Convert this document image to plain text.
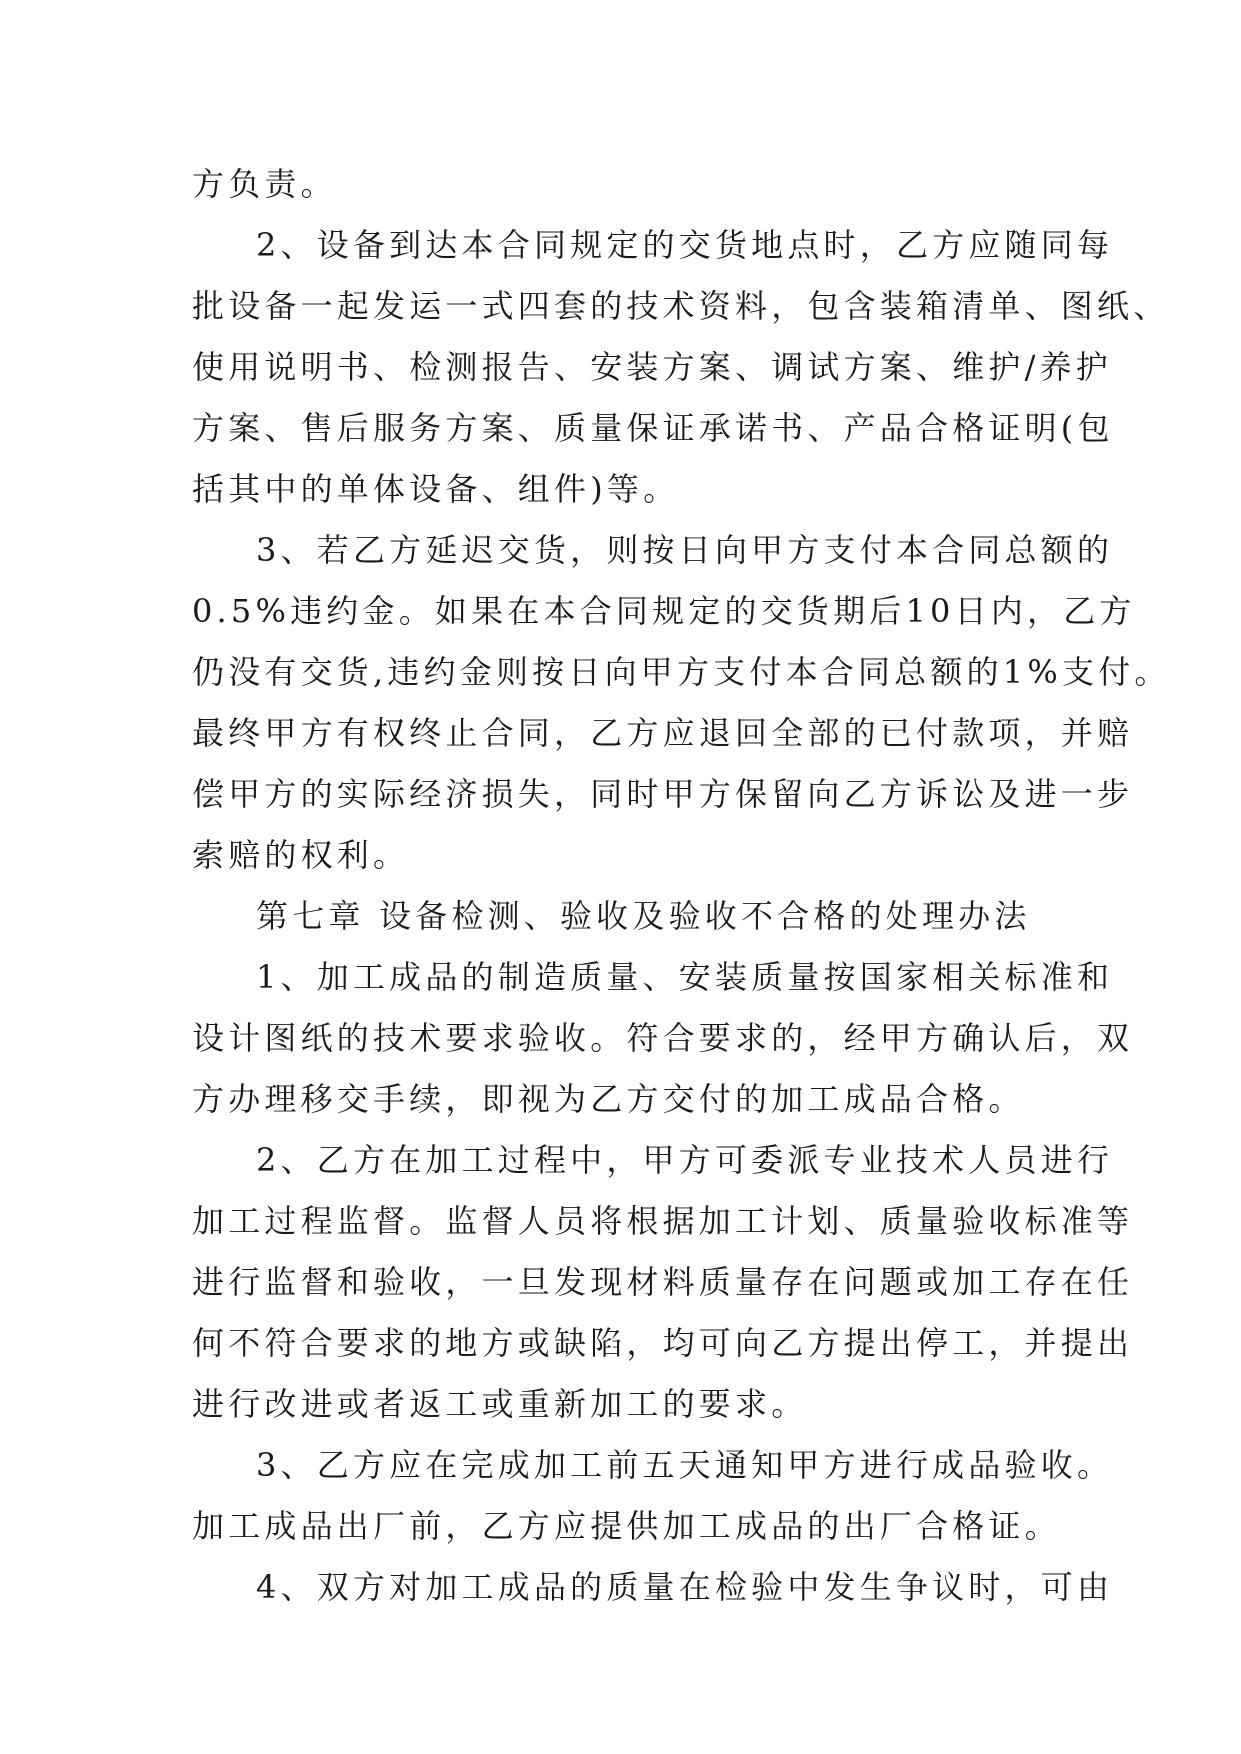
方负责。
2、设备到达本合同规定的交货地点时，乙方应随同每
批设备一起发运一式四套的技术资料，包含装箱清单、图纸、
使用说明书、检测报告、安装方案、调试方案、维护/养护
方案、售后服务方案、质量保证承诺书、产品合格证明(包
括其中的单体设备、组件)等。
3、若乙方延迟交货，则按日向甲方支付本合同总额的
0.5%违约金。如果在本合同规定的交货期后10日内，乙方
仍没有交货,违约金则按日向甲方支付本合同总额的1%支付。
最终甲方有权终止合同，乙方应退回全部的已付款项，并赔
偿甲方的实际经济损失，同时甲方保留向乙方诉讼及进一步
索赔的权利。
第七章 设备检测、验收及验收不合格的处理办法
1、加工成品的制造质量、安装质量按国家相关标准和
设计图纸的技术要求验收。符合要求的，经甲方确认后，双
方办理移交手续，即视为乙方交付的加工成品合格。
2、乙方在加工过程中，甲方可委派专业技术人员进行
加工过程监督。监督人员将根据加工计划、质量验收标准等
进行监督和验收，一旦发现材料质量存在问题或加工存在任
何不符合要求的地方或缺陷，均可向乙方提出停工，并提出
进行改进或者返工或重新加工的要求。
3、乙方应在完成加工前五天通知甲方进行成品验收。
加工成品出厂前，乙方应提供加工成品的出厂合格证。
4、双方对加工成品的质量在检验中发生争议时，可由
